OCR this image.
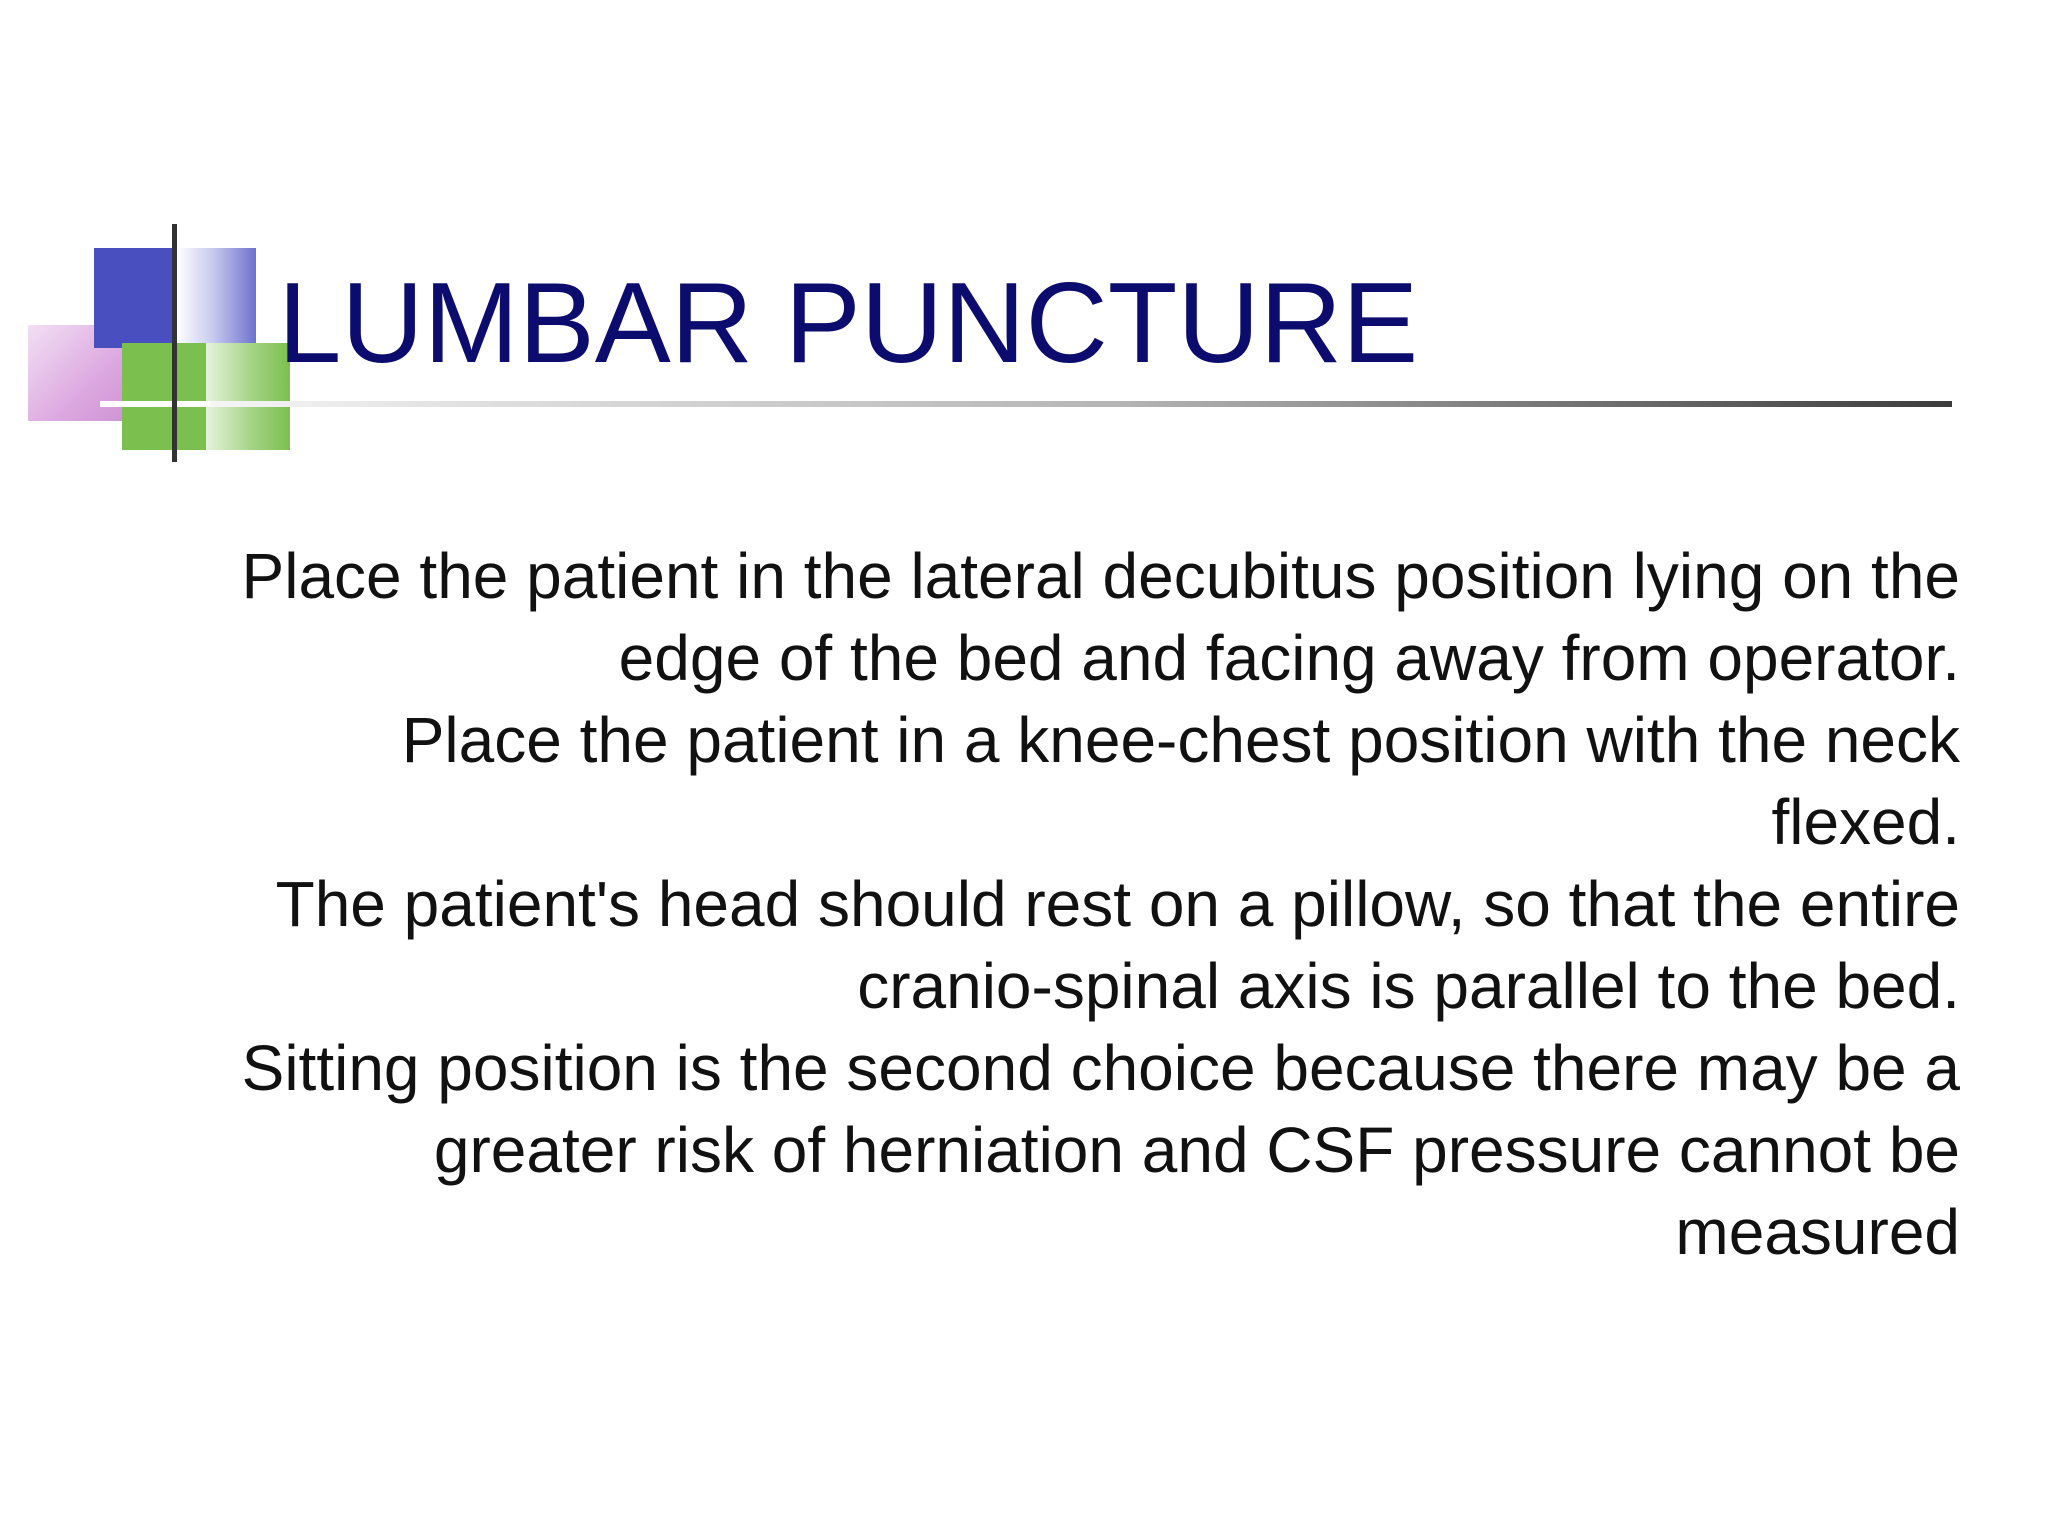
LUMBAR PUNCTURE
Place the patient in the lateral decubitus position lying on the edge of the bed and facing away from operator.
Place the patient in a knee-chest position with the neck flexed.
The patient's head should rest on a pillow, so that the entire cranio-spinal axis is parallel to the bed.
Sitting position is the second choice because there may be a greater risk of herniation and CSF pressure cannot be measured
